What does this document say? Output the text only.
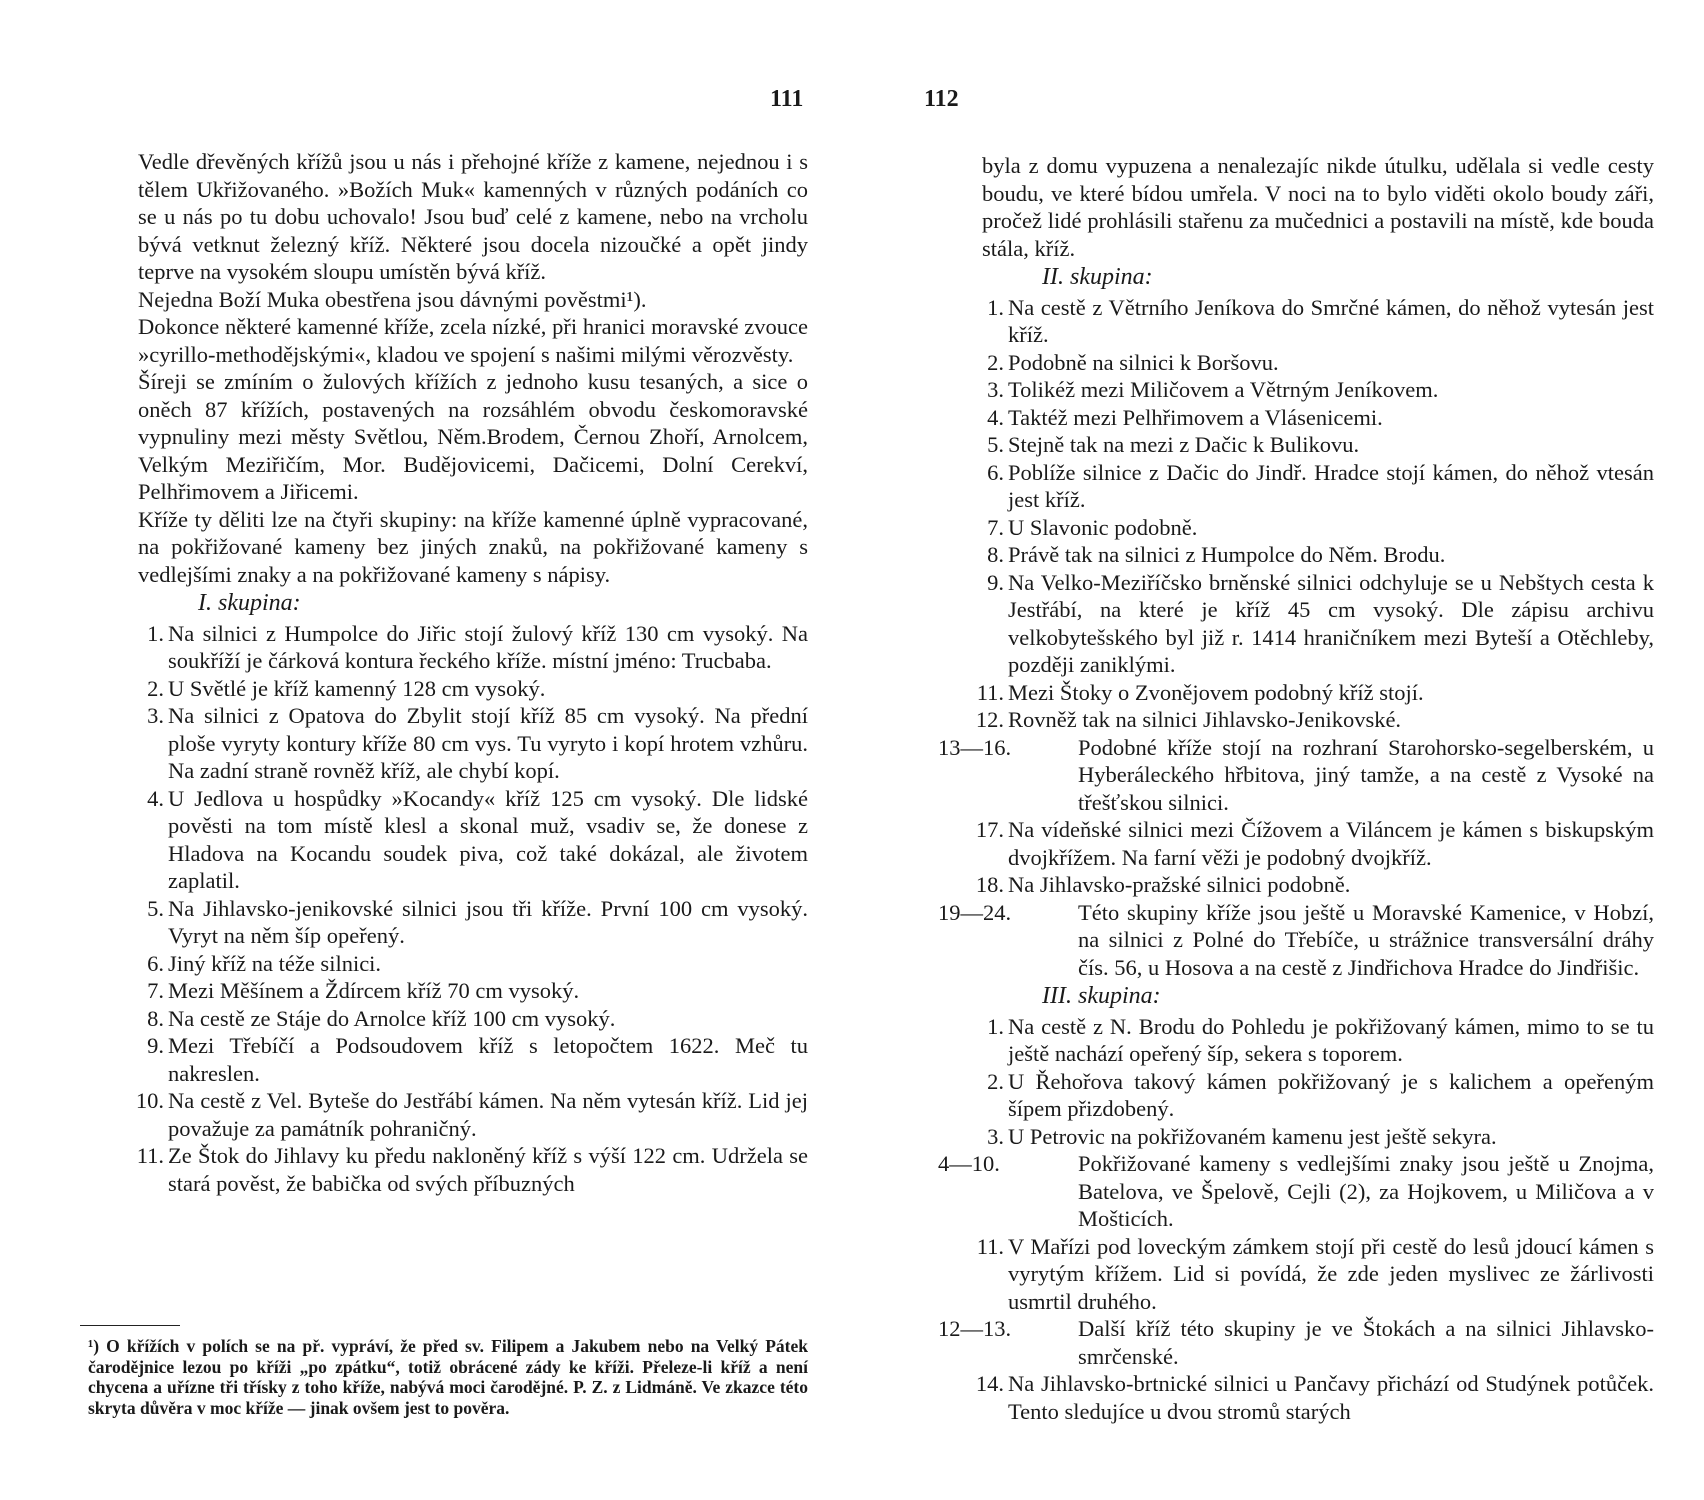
111

Vedle dřevěných křížů jsou u nás i přehojné kříže z kamene, nejednou i s tělem Ukřižovaného. »Božích Muk« kamenných v různých podáních co se u nás po tu dobu uchovalo! Jsou buď celé z kamene, nebo na vrcholu bývá vetknut železný kříž. Některé jsou docela nizoučké a opět jindy teprve na vysokém sloupu umístěn bývá kříž.

Nejedna Boží Muka obestřena jsou dávnými pověstmi¹).

Dokonce některé kamenné kříže, zcela nízké, při hranici moravské zvouce »cyrillo-methodějskými«, kladou ve spojení s našimi milými věrozvěsty.

Šíreji se zmíním o žulových křížích z jednoho kusu tesaných, a sice o oněch 87 křížích, postavených na rozsáhlém obvodu českomoravské vypnuliny mezi městy Světlou, Něm.Brodem, Černou Zhoří, Arnolcem, Velkým Meziřičím, Mor. Budějovicemi, Dačicemi, Dolní Cerekví, Pelhřimovem a Jiřicemi.

Kříže ty děliti lze na čtyři skupiny: na kříže kamenné úplně vypracované, na pokřižované kameny bez jiných znaků, na pokřižované kameny s vedlejšími znaky a na pokřižované kameny s nápisy.

I. skupina:
1. Na silnici z Humpolce do Jiřic stojí žulový kříž 130 cm vysoký. Na soukříží je čárková kontura řeckého kříže. místní jméno: Trucbaba.
2. U Světlé je kříž kamenný 128 cm vysoký.
3. Na silnici z Opatova do Zbylit stojí kříž 85 cm vysoký. Na přední ploše vyryty kontury kříže 80 cm vys. Tu vyryto i kopí hrotem vzhůru. Na zadní straně rovněž kříž, ale chybí kopí.
4. U Jedlova u hospůdky »Kocandy« kříž 125 cm vysoký. Dle lidské pověsti na tom místě klesl a skonal muž, vsadiv se, že donese z Hladova na Kocandu soudek piva, což také dokázal, ale životem zaplatil.
5. Na Jihlavsko-jenikovské silnici jsou tři kříže. První 100 cm vysoký. Vyryt na něm šíp opeřený.
6. Jiný kříž na téže silnici.
7. Mezi Měšínem a Ždírcem kříž 70 cm vysoký.
8. Na cestě ze Stáje do Arnolce kříž 100 cm vysoký.
9. Mezi Třebíčí a Podsoudovem kříž s letopočtem 1622. Meč tu nakreslen.
10. Na cestě z Vel. Byteše do Jestřábí kámen. Na něm vytesán kříž. Lid jej považuje za památník pohraničný.
11. Ze Štok do Jihlavy ku předu nakloněný kříž s výší 122 cm. Udržela se stará pověst, že babička od svých příbuzných
¹) O křížích v polích se na př. vypráví, že před sv. Filipem a Jakubem nebo na Velký Pátek čarodějnice lezou po kříži „po zpátku“, totiž obrácené zády ke kříži. Přeleze-li kříž a není chycena a uřízne tři třísky z toho kříže, nabývá moci čarodějné. P. Z. z Lidmáně. Ve zkazce této skryta důvěra v moc kříže — jinak ovšem jest to pověra.
112

byla z domu vypuzena a nenalezajíc nikde útulku, udělala si vedle cesty boudu, ve které bídou umřela. V noci na to bylo viděti okolo boudy záři, pročež lidé prohlásili stařenu za mučednici a postavili na místě, kde bouda stála, kříž.

II. skupina:
1. Na cestě z Větrního Jeníkova do Smrčné kámen, do něhož vytesán jest kříž.
2. Podobně na silnici k Boršovu.
3. Tolikéž mezi Miličovem a Větrným Jeníkovem.
4. Taktéž mezi Pelhřimovem a Vlásenicemi.
5. Stejně tak na mezi z Dačic k Bulikovu.
6. Poblíže silnice z Dačic do Jindř. Hradce stojí kámen, do něhož vtesán jest kříž.
7. U Slavonic podobně.
8. Právě tak na silnici z Humpolce do Něm. Brodu.
9. Na Velko-Meziříčsko brněnské silnici odchyluje se u Nebštych cesta k Jestřábí, na které je kříž 45 cm vysoký. Dle zápisu archivu velkobytešského byl již r. 1414 hraničníkem mezi Byteší a Otěchleby, později zaniklými.
11. Mezi Štoky o Zvonějovem podobný kříž stojí.
12. Rovněž tak na silnici Jihlavsko-Jenikovské.
13—16.	Podobné kříže stojí na rozhraní Starohorsko-segelberském, u Hyberáleckého hřbitova, jiný tamže, a na cestě z Vysoké na třešťskou silnici.
17. Na vídeňské silnici mezi Čížovem a Viláncem je kámen s biskupským dvojkřížem. Na farní věži je podobný dvojkříž.
18. Na Jihlavsko-pražské silnici podobně.
19—24.	Této skupiny kříže jsou ještě u Moravské Kamenice, v Hobzí, na silnici z Polné do Třebíče, u strážnice transversální dráhy čís. 56, u Hosova a na cestě z Jindřichova Hradce do Jindřišic.
III. skupina:
1. Na cestě z N. Brodu do Pohledu je pokřižovaný kámen, mimo to se tu ještě nachází opeřený šíp, sekera s toporem.
2. U Řehořova takový kámen pokřižovaný je s kalichem a opeřeným šípem přizdobený.
3. U Petrovic na pokřižovaném kamenu jest ještě sekyra.
4—10.	Pokřižované kameny s vedlejšími znaky jsou ještě u Znojma, Batelova, ve Špelově, Cejli (2), za Hojkovem, u Miličova a v Mošticích.
11. V Mařízi pod loveckým zámkem stojí při cestě do lesů jdoucí kámen s vyrytým křížem. Lid si povídá, že zde jeden myslivec ze žárlivosti usmrtil druhého.
12—13.	Další kříž této skupiny je ve Štokách a na silnici Jihlavsko-smrčenské.
14. Na Jihlavsko-brtnické silnici u Pančavy přichází od Studýnek potůček. Tento sledujíce u dvou stromů starých
